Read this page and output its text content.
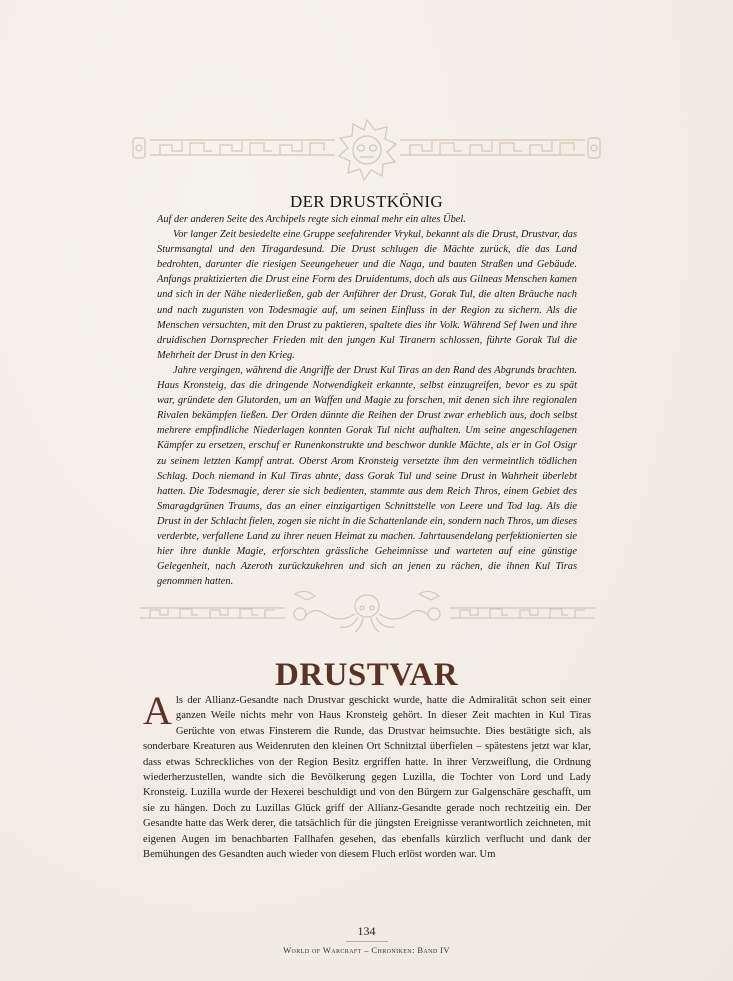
DER DRUSTKÖNIG

Auf der anderen Seite des Archipels regte sich einmal mehr ein altes Übel.

Vor langer Zeit besiedelte eine Gruppe seefahrender Vrykul, bekannt als die Drust, Drustvar, das Sturmsangtal und den Tiragardesund. Die Drust schlugen die Mächte zurück, die das Land bedrohten, darunter die riesigen Seeungeheuer und die Naga, und bauten Straßen und Gebäude. Anfangs praktizierten die Drust eine Form des Druidentums, doch als aus Gilneas Menschen kamen und sich in der Nähe niederließen, gab der Anführer der Drust, Gorak Tul, die alten Bräuche nach und nach zugunsten von Todesmagie auf, um seinen Einfluss in der Region zu sichern. Als die Menschen versuchten, mit den Drust zu paktieren, spaltete dies ihr Volk. Während Sef Iwen und ihre druidischen Dornsprecher Frieden mit den jungen Kul Tiranern schlossen, führte Gorak Tul die Mehrheit der Drust in den Krieg.

Jahre vergingen, während die Angriffe der Drust Kul Tiras an den Rand des Abgrunds brachten. Haus Kronsteig, das die dringende Notwendigkeit erkannte, selbst einzugreifen, bevor es zu spät war, gründete den Glutorden, um an Waffen und Magie zu forschen, mit denen sich ihre regionalen Rivalen bekämpfen ließen. Der Orden dünnte die Reihen der Drust zwar erheblich aus, doch selbst mehrere empfindliche Niederlagen konnten Gorak Tul nicht aufhalten. Um seine angeschlagenen Kämpfer zu ersetzen, erschuf er Runenkonstrukte und beschwor dunkle Mächte, als er in Gol Osigr zu seinem letzten Kampf antrat. Oberst Arom Kronsteig versetzte ihm den vermeintlich tödlichen Schlag. Doch niemand in Kul Tiras ahnte, dass Gorak Tul und seine Drust in Wahrheit überlebt hatten. Die Todesmagie, derer sie sich bedienten, stammte aus dem Reich Thros, einem Gebiet des Smaragdgrünen Traums, das an einer einzigartigen Schnittstelle von Leere und Tod lag. Als die Drust in der Schlacht fielen, zogen sie nicht in die Schattenlande ein, sondern nach Thros, um dieses verderbte, verfallene Land zu ihrer neuen Heimat zu machen. Jahrtausendelang perfektionierten sie hier ihre dunkle Magie, erforschten grässliche Geheimnisse und warteten auf eine günstige Gelegenheit, nach Azeroth zurückzukehren und sich an jenen zu rächen, die ihnen Kul Tiras genommen hatten.

DRUSTVAR

Als der Allianz-Gesandte nach Drustvar geschickt wurde, hatte die Admiralität schon seit einer ganzen Weile nichts mehr von Haus Kronsteig gehört. In dieser Zeit machten in Kul Tiras Gerüchte von etwas Finsterem die Runde, das Drustvar heimsuchte. Dies bestätigte sich, als sonderbare Kreaturen aus Weidenruten den kleinen Ort Schnitztal überfielen – spätestens jetzt war klar, dass etwas Schreckliches von der Region Besitz ergriffen hatte. In ihrer Verzweiflung, die Ordnung wiederherzustellen, wandte sich die Bevölkerung gegen Luzilla, die Tochter von Lord und Lady Kronsteig. Luzilla wurde der Hexerei beschuldigt und von den Bürgern zur Galgenschäre geschafft, um sie zu hängen. Doch zu Luzillas Glück griff der Allianz-Gesandte gerade noch rechtzeitig ein. Der Gesandte hatte das Werk derer, die tatsächlich für die jüngsten Ereignisse verantwortlich zeichneten, mit eigenen Augen im benachbarten Fallhafen gesehen, das ebenfalls kürzlich verflucht und dank der Bemühungen des Gesandten auch wieder von diesem Fluch erlöst worden war. Um

134
World of Warcraft – Chroniken: Band IV
